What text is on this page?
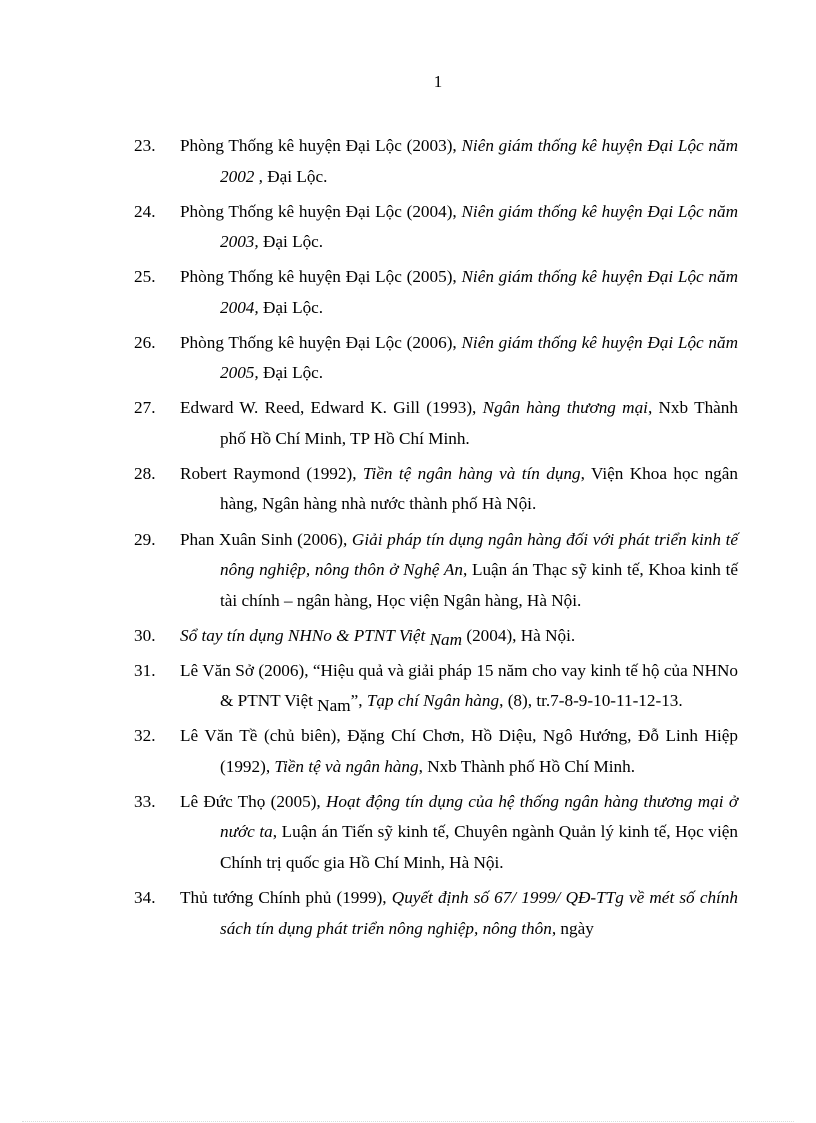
1
23. Phòng Thống kê huyện Đại Lộc (2003), Niên giám thống kê huyện Đại Lộc năm 2002 , Đại Lộc.
24. Phòng Thống kê huyện Đại Lộc (2004), Niên giám thống kê huyện Đại Lộc năm 2003, Đại Lộc.
25. Phòng Thống kê huyện Đại Lộc (2005), Niên giám thống kê huyện Đại Lộc năm 2004, Đại Lộc.
26. Phòng Thống kê huyện Đại Lộc (2006), Niên giám thống kê huyện Đại Lộc năm 2005, Đại Lộc.
27. Edward W. Reed, Edward K. Gill (1993), Ngân hàng thương mại, Nxb Thành phố Hồ Chí Minh, TP Hồ Chí Minh.
28. Robert Raymond (1992), Tiền tệ ngân hàng và tín dụng, Viện Khoa học ngân hàng, Ngân hàng nhà nước thành phố Hà Nội.
29. Phan Xuân Sinh (2006), Giải pháp tín dụng ngân hàng đối với phát triển kinh tế nông nghiệp, nông thôn ở Nghệ An, Luận án Thạc sỹ kinh tế, Khoa kinh tế tài chính – ngân hàng, Học viện Ngân hàng, Hà Nội.
30. Sổ tay tín dụng NHNo & PTNT Việt Nam (2004), Hà Nội.
31. Lê Văn Sở (2006), “Hiệu quả và giải pháp 15 năm cho vay kinh tế hộ của NHNo & PTNT Việt Nam”, Tạp chí Ngân hàng, (8), tr.7-8-9-10-11-12-13.
32. Lê Văn Tề (chủ biên), Đặng Chí Chơn, Hồ Diệu, Ngô Hướng, Đỗ Linh Hiệp (1992), Tiền tệ và ngân hàng, Nxb Thành phố Hồ Chí Minh.
33. Lê Đức Thọ (2005), Hoạt động tín dụng của hệ thống ngân hàng thương mại ở nước ta, Luận án Tiến sỹ kinh tế, Chuyên ngành Quản lý kinh tế, Học viện Chính trị quốc gia Hồ Chí Minh, Hà Nội.
34. Thủ tướng Chính phủ (1999), Quyết định số 67/ 1999/ QĐ-TTg về mét số chính sách tín dụng phát triển nông nghiệp, nông thôn, ngày
